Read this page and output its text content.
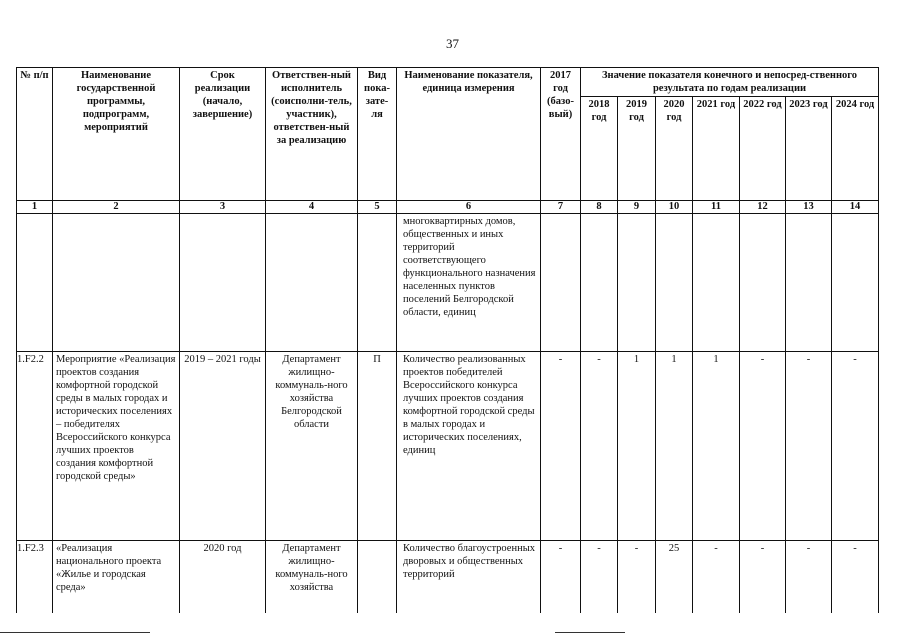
37
№ п/п	Наименование государственной программы, подпрограмм, мероприятий	Срок реализации (начало, завершение)	Ответствен-ный исполнитель (соисполни-тель, участник), ответствен-ный за реализацию	Вид пока-зате-ля	Наименование показателя, единица измерения	2017 год (базо-вый)	Значение показателя конечного и непосред-ственного результата по годам реализации						
							2018 год	2019 год	2020 год	2021 год	2022 год	2023 год	2024 год
1	2	3	4	5	6	7	8	9	10	11	12	13	14
					многоквартирных домов, общественных и иных территорий соответствующего функционального назначения населенных пунктов поселений Белгородской области, единиц								
1.F2.2	Мероприятие «Реализация проектов создания комфортной городской среды в малых городах и исторических поселениях – победителях Всероссийского конкурса лучших проектов создания комфортной городской среды»	2019 – 2021 годы	Департамент жилищно-коммуналь-ного хозяйства Белгородской области	П	Количество реализованных проектов победителей Всероссийского конкурса лучших проектов создания комфортной городской среды в малых городах и исторических поселениях, единиц	-	-	1	1	1	-	-	-
1.F2.3	«Реализация национального проекта «Жилье и городская среда»	2020 год	Департамент жилищно-коммуналь-ного хозяйства		Количество благоустроенных дворовых и общественных территорий	-	-	-	25	-	-	-	-
